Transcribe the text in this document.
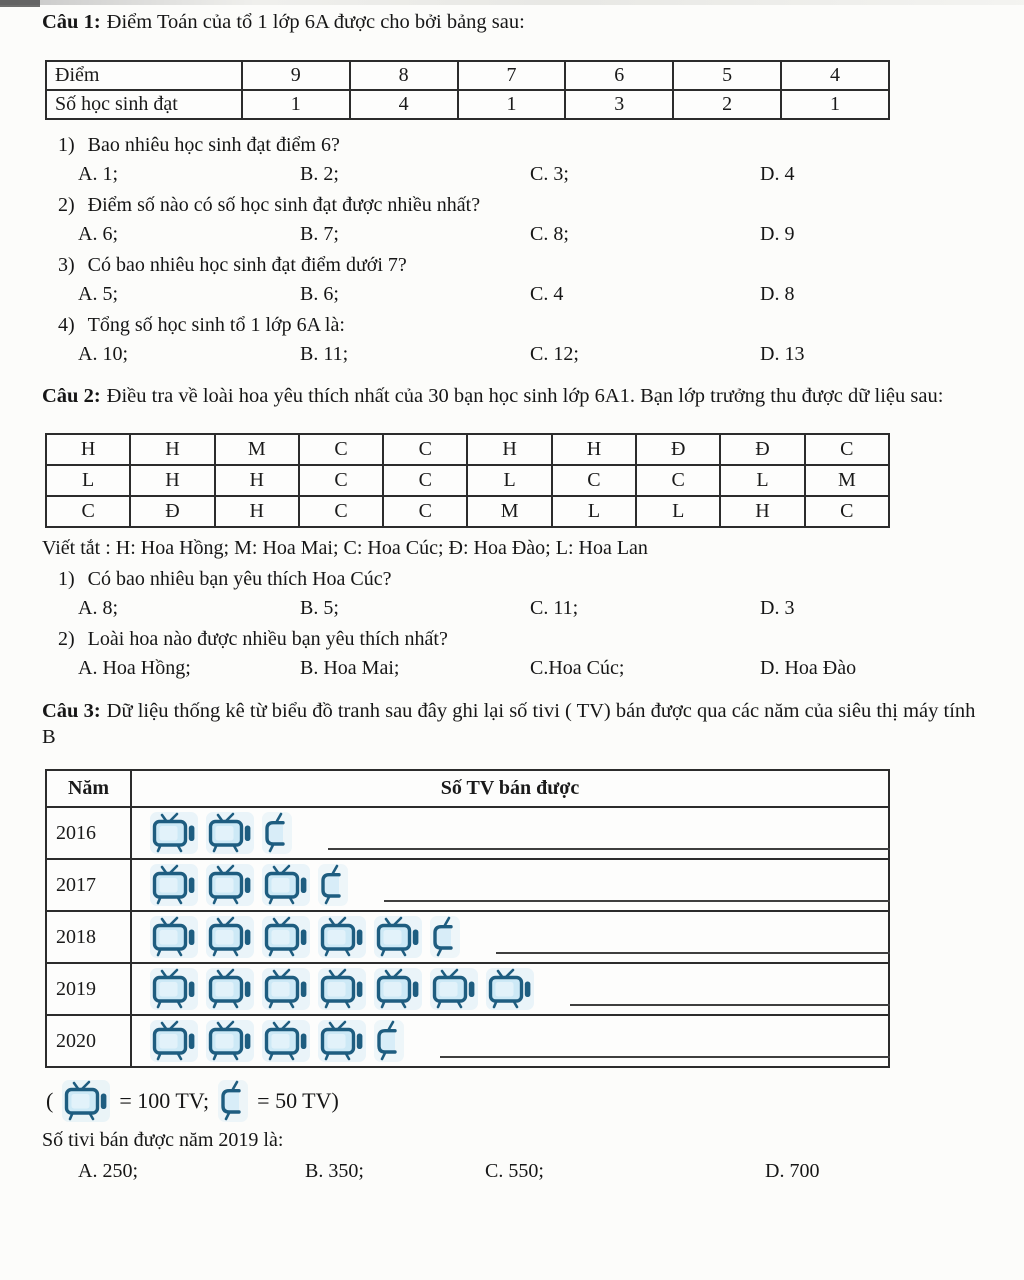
Câu 1: Điểm Toán của tổ 1 lớp 6A được cho bởi bảng sau:

Điểm	9	8	7	6	5	4
Số học sinh đạt	1	4	1	3	2	1
1) Bao nhiêu học sinh đạt điểm 6?
A. 1;	B. 2;	C. 3;	D. 4
2) Điểm số nào có số học sinh đạt được nhiều nhất?
A. 6;	B. 7;	C. 8;	D. 9
3) Có bao nhiêu học sinh đạt điểm dưới 7?
A. 5;	B. 6;	C. 4	D. 8
4) Tổng số học sinh tổ 1 lớp 6A là:
A. 10;	B. 11;	C. 12;	D. 13

Câu 2: Điều tra về loài hoa yêu thích nhất của 30 bạn học sinh lớp 6A1. Bạn lớp trưởng thu được dữ liệu sau:

H	H	M	C	C	H	H	Đ	Đ	C
L	H	H	C	C	L	C	C	L	M
C	Đ	H	C	C	M	L	L	H	C

Viết tắt : H: Hoa Hồng; M: Hoa Mai; C: Hoa Cúc; Đ: Hoa Đào; L: Hoa Lan

1) Có bao nhiêu bạn yêu thích Hoa Cúc?
A. 8;	B. 5;	C. 11;	D. 3
2) Loài hoa nào được nhiều bạn yêu thích nhất?
A. Hoa Hồng;	B. Hoa Mai;	C.Hoa Cúc;	D. Hoa Đào

Câu 3: Dữ liệu thống kê từ biểu đồ tranh sau đây ghi lại số tivi ( TV) bán được qua các năm của siêu thị máy tính B

Năm	Số TV bán được
2016	

2017	

2018	

2019	

2020	
(	= 100 TV; = 50 TV)

Số tivi bán được năm 2019 là:

A. 250;	B. 350;	C. 550;	D. 700
